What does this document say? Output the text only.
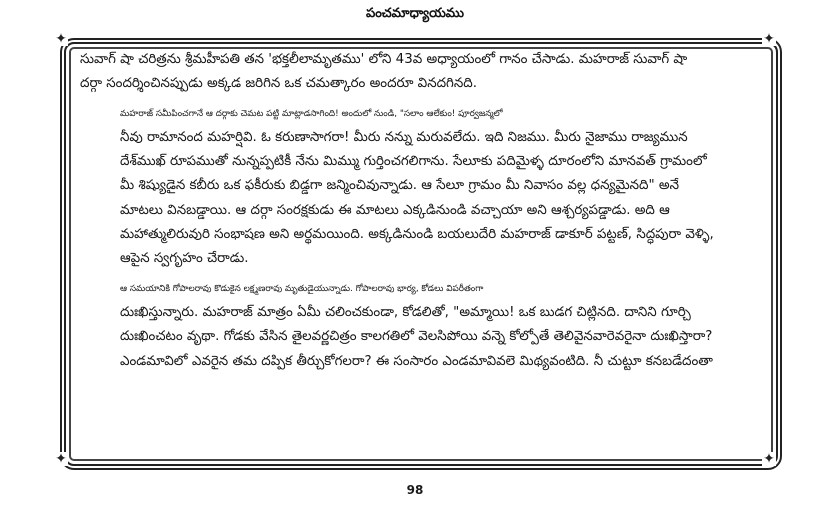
పంచమాధ్యాయము
✦	✦
✦	✦
సువాగ్ షా చరిత్రను శ్రీమహీపతి తన 'భక్తలీలామృతము' లోని 43వ అధ్యాయంలో గానం చేసాడు. మహరాజ్ సువాగ్ షా
దర్గా సందర్శించినప్పుడు అక్కడ జరిగిన ఒక చమత్కారం అందరూ వినదగినది.
మహరాజ్ సమీపించగానే ఆ దర్గాకు చెమట పట్టి మాట్లాడసాగింది! అందులో నుండి, "సలాం ఆలేకుం! పూర్వజన్మలో
నీవు రామానంద మహర్షివి. ఓ కరుణాసాగరా! మీరు నన్ను మరువలేదు. ఇది నిజము. మీరు నైజాము రాజ్యమున
దేశ్‌ముఖ్ రూపముతో నున్నప్పటికీ నేను మిమ్ము గుర్తించగలిగాను. సేలూకు పదిమైళ్ళ దూరంలోని మానవత్ గ్రామంలో
మీ శిష్యుడైన కబీరు ఒక ఫకీరుకు బిడ్డగా జన్మించివున్నాడు. ఆ సేలూ గ్రామం మీ నివాసం వల్ల ధన్యమైనది" అనే
మాటలు వినబడ్డాయి. ఆ దర్గా సంరక్షకుడు ఈ మాటలు ఎక్కడినుండి వచ్చాయా అని ఆశ్చర్యపడ్డాడు. అది ఆ
మహాత్ములిరువురి సంభాషణ అని అర్థమయింది. అక్కడినుండి బయలుదేరి మహరాజ్ డాకూర్ పట్టణ్, సిద్ధపురా వెళ్ళి,
ఆపైన స్వగృహం చేరాడు.
ఆ సమయానికి గోపాలరావు కొడుకైన లక్ష్మణరావు మృతుడైయున్నాడు. గోపాలరావు భార్య, కోడలు విపరీతంగా
దుఃఖిస్తున్నారు. మహరాజ్ మాత్రం ఏమీ చలించకుండా, కోడలితో, "అమ్మాయి! ఒక బుడగ చిట్లినది. దానిని గూర్చి
దుఃఖించటం వృథా. గోడకు వేసిన తైలవర్ణచిత్రం కాలగతిలో వెలసిపోయి వన్నె కోల్పోతే తెలివైనవారెవరైనా దుఃఖిస్తారా?
ఎండమావిలో ఎవరైన తమ దప్పిక తీర్చుకోగలరా? ఈ సంసారం ఎండమావివలె మిథ్యవంటిది. నీ చుట్టూ కనబడేదంతా
98
